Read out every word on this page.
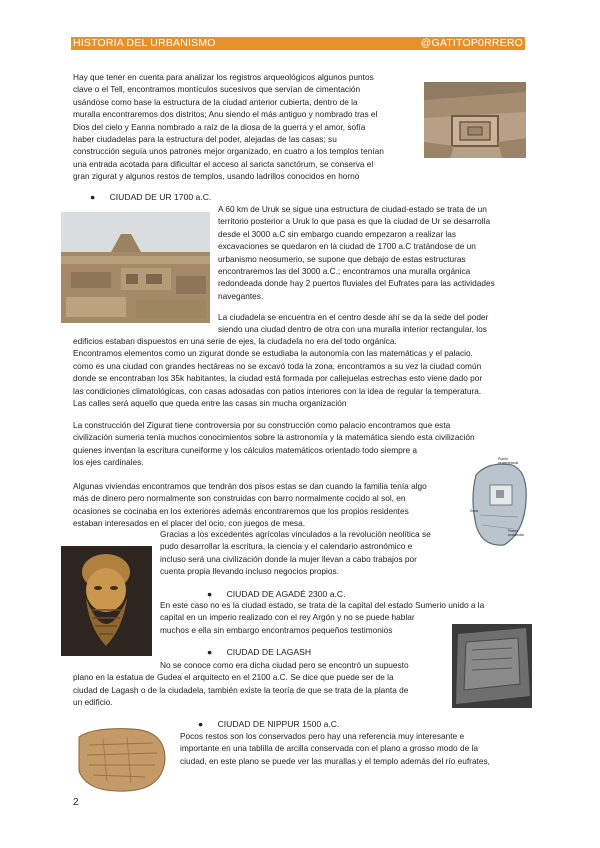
HISTORIA DEL URBANISMO	@GATITOP0RRERO
Hay que tener en cuenta para analizar los registros arqueológicos algunos puntos
clave o el Tell, encontramos montículos sucesivos que servían de cimentación
usándose como base la estructura de la ciudad anterior cubierta, dentro de la
muralla encontraremos dos distritos; Anu siendo el más antiguo y nombrado tras el
Dios del cielo y Eanna nombrado a raíz de la diosa de la guerra y el amor, sofía
haber ciudadelas para la estructura del poder, alejadas de las casas; su
construcción seguía unos patrones mejor organizado, en cuatro a los templos tenían
una entrada acotada para dificultar el acceso al sancta sanctórum, se conserva el
gran zigurat y algunos restos de templos, usando ladrillos conocidos en horno
● CIUDAD DE UR 1700 a.C.
A 60 km de Uruk se sigue una estructura de ciudad-estado se trata de un
territorio posterior a Uruk lo que pasa es que la ciudad de Ur se desarrolla
desde el 3000 a.C sin embargo cuando empezaron a realizar las
excavaciones se quedaron en la ciudad de 1700 a.C tratándose de un
urbanismo neosumerio, se supone que debajo de estas estructuras
encontraremos las del 3000 a.C.; encontramos una muralla orgánica
redondeada donde hay 2 puertos fluviales del Eufrates para las actividades
navegantes.
La ciudadela se encuentra en el centro desde ahí se da la sede del poder
siendo una ciudad dentro de otra con una muralla interior rectangular, los
edificios estaban dispuestos en una serie de ejes, la ciudadela no era del todo orgánica.
Encontramos elementos como un zigurat donde se estudiaba la autonomía con las matemáticas y el palacio.
como es una ciudad con grandes hectáreas no se excavó toda la zona, encontramos a su vez la ciudad común
donde se encontraban los 35k habitantes, la ciudad está formada por callejuelas estrechas esto viene dado por
las condiciones climatológicas, con casas adosadas con patios interiores con la idea de regular la temperatura.
Las calles será aquello que queda entre las casas sin mucha organización
La construcción del Zigurat tiene controversia por su construcción como palacio encontramos que esta
civilización sumeria tenía muchos conocimientos sobre la astronomía y la matemática siendo esta civilización
quienes inventan la escritura cuneiforme y los cálculos matemáticos orientado todo siempre a
los ejes cardinales.	Puerto septentrional
Zona
Puerto occidental
Algunas viviendas encontramos que tendrán dos pisos estas se dan cuando la familia tenía algo
más de dinero pero normalmente son construidas con barro normalmente cocido al sol, en
ocasiones se cocinaba en los exteriores además encontraremos que los propios residentes
estaban interesados en el placer del ocio, con juegos de mesa.
Gracias a los excedentes agrícolas vinculados a la revolución neolítica se
pudo desarrollar la escritura, la ciencia y el calendario astronómico e
incluso será una civilización donde la mujer llevan a cabo trabajos por
cuenta propia llevando incluso negocios propios.
● CIUDAD DE AGADÉ 2300 a.C.
En este caso no es la ciudad estado, se trata de la capital del estado Sumerio unido a la
capital en un imperio realizado con el rey Argón y no se puede hablar
muchos e ella sin embargo encontramos pequeños testimonios
● CIUDAD DE LAGASH
No se conoce como era dicha ciudad pero se encontró un supuesto
plano en la estatua de Gudea el arquitecto en el 2100 a.C. Se dice que puede ser de la
ciudad de Lagash o de la ciudadela, también existe la teoría de que se trata de la planta de
un edificio.
● CIUDAD DE NIPPUR 1500 a.C.
Pocos restos son los conservados pero hay una referencia muy interesante e
importante en una tablilla de arcilla conservada con el plano a grosso modo de la
ciudad, en este plano se puede ver las murallas y el templo además del río eufrates,
2
